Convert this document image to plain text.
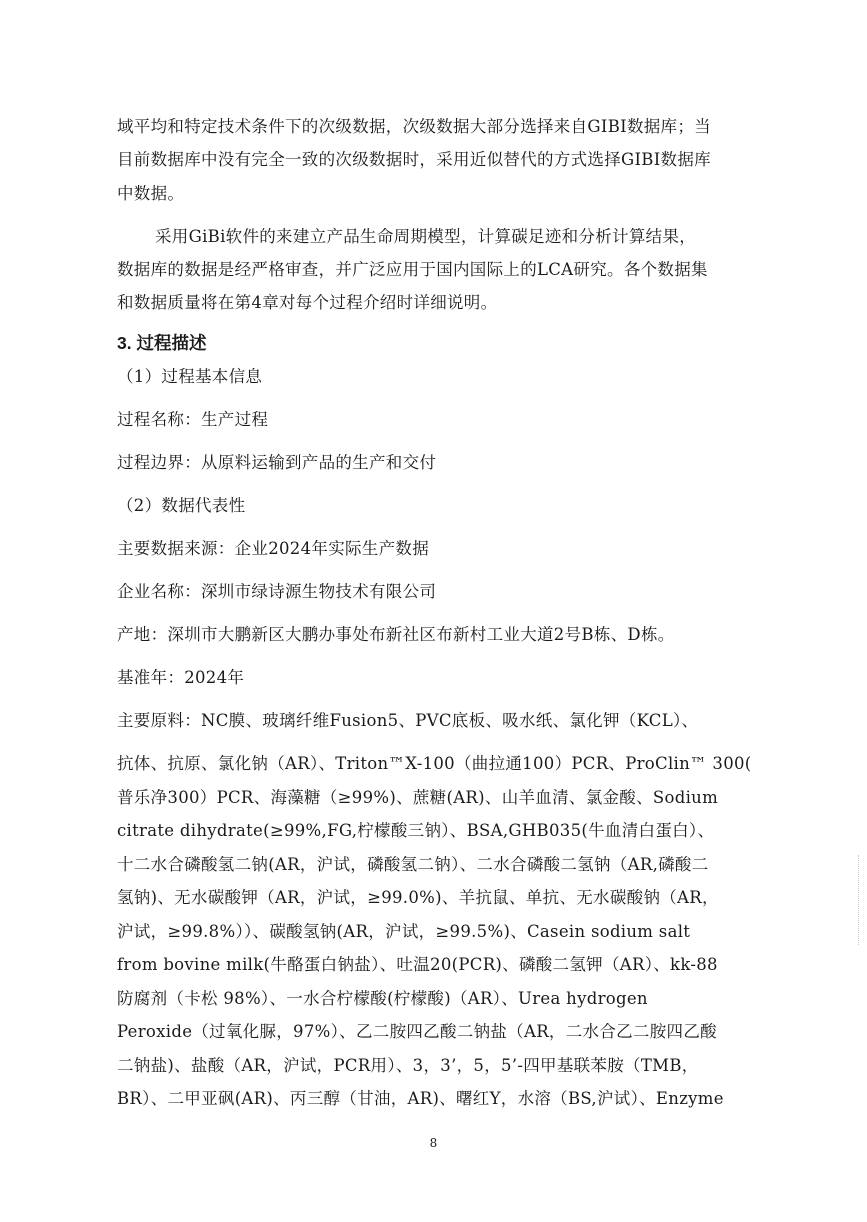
域平均和特定技术条件下的次级数据，次级数据大部分选择来自GIBI数据库；当
目前数据库中没有完全一致的次级数据时，采用近似替代的方式选择GIBI数据库
中数据。
采用GiBi软件的来建立产品生命周期模型，计算碳足迹和分析计算结果，
数据库的数据是经严格审查，并广泛应用于国内国际上的LCA研究。各个数据集
和数据质量将在第4章对每个过程介绍时详细说明。
3. 过程描述
（1）过程基本信息
过程名称：生产过程
过程边界：从原料运输到产品的生产和交付
（2）数据代表性
主要数据来源：企业2024年实际生产数据
企业名称：深圳市绿诗源生物技术有限公司
产地：深圳市大鹏新区大鹏办事处布新社区布新村工业大道2号B栋、D栋。
基准年：2024年
主要原料：NC膜、玻璃纤维Fusion5、PVC底板、吸水纸、氯化钾（KCL）、
抗体、抗原、氯化钠（AR）、Triton™X-100（曲拉通100）PCR、ProClin™ 300(
普乐净300）PCR、海藻糖（≥99%)、蔗糖(AR)、山羊血清、氯金酸、Sodium
citrate dihydrate(≥99%,FG,柠檬酸三钠）、BSA,GHB035(牛血清白蛋白）、
十二水合磷酸氢二钠(AR，沪试，磷酸氢二钠）、二水合磷酸二氢钠（AR,磷酸二
氢钠)、无水碳酸钾（AR，沪试，≥99.0%)、羊抗鼠、单抗、无水碳酸钠（AR，
沪试，≥99.8%））、碳酸氢钠(AR，沪试，≥99.5%)、Casein sodium salt
from bovine milk(牛酪蛋白钠盐）、吐温20(PCR)、磷酸二氢钾（AR）、kk-88
防腐剂（卡松 98%）、一水合柠檬酸(柠檬酸)（AR）、Urea hydrogen
Peroxide（过氧化脲，97%）、乙二胺四乙酸二钠盐（AR，二水合乙二胺四乙酸
二钠盐)、盐酸（AR，沪试，PCR用）、3，3’，5，5’-四甲基联苯胺（TMB，
BR）、二甲亚砜(AR)、丙三醇（甘油，AR)、曙红Y，水溶（BS,沪试）、Enzyme
8
